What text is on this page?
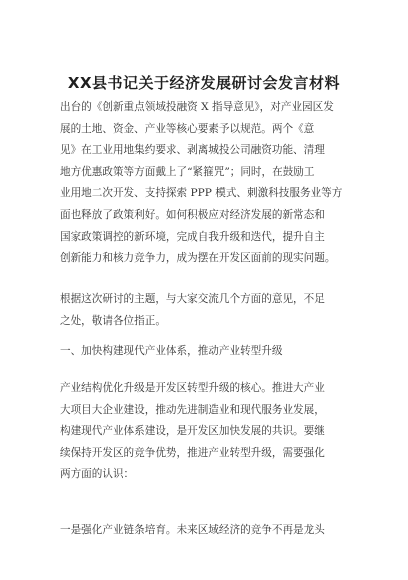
XX县书记关于经济发展研讨会发言材料
出台的《创新重点领域投融资 X 指导意见》，对产业园区发
展的土地、资金、产业等核心要素予以规范。两个《意
见》在工业用地集约要求、剥离城投公司融资功能、清理
地方优惠政策等方面戴上了“紧箍咒”；同时，在鼓励工
业用地二次开发、支持探索 PPP 模式、刺激科技服务业等方
面也释放了政策利好。如何积极应对经济发展的新常态和
国家政策调控的新环境，完成自我升级和迭代，提升自主
创新能力和核力竞争力，成为摆在开发区面前的现实问题。
根据这次研讨的主题，与大家交流几个方面的意见，不足
之处，敬请各位指正。
一、加快构建现代产业体系，推动产业转型升级
产业结构优化升级是开发区转型升级的核心。推进大产业
大项目大企业建设，推动先进制造业和现代服务业发展，
构建现代产业体系建设，是开发区加快发展的共识。要继
续保持开发区的竞争优势，推进产业转型升级，需要强化
两方面的认识：
一是强化产业链条培育。未来区域经济的竞争不再是龙头
